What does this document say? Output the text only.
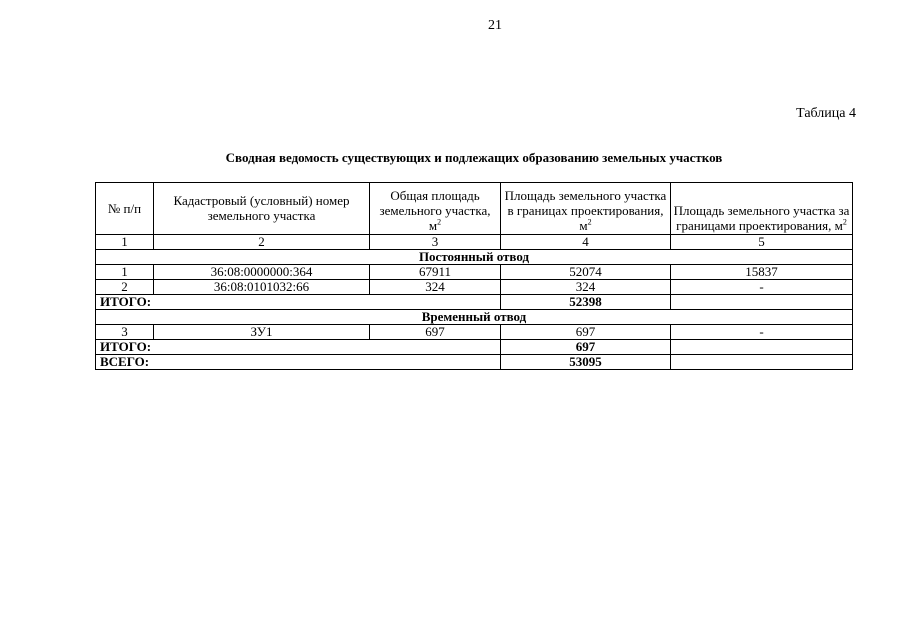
21
Таблица 4
Сводная ведомость существующих и подлежащих образованию земельных участков
№ п/п	Кадастровый (условный) номер земельного участка	Общая площадь земельного участка, $м^2$	Площадь земельного участка в границах проектирования, $м^2$	Площадь земельного участка за границами проектирования, $м^2$
1	2	3	4	5
Постоянный отвод				
1	36:08:0000000:364	67911	52074	15837
2	36:08:0101032:66	324	324	-
ИТОГО:			52398	
Временный отвод				
3	ЗУ1	697	697	-
ИТОГО:			697	
ВСЕГО:			53095	
